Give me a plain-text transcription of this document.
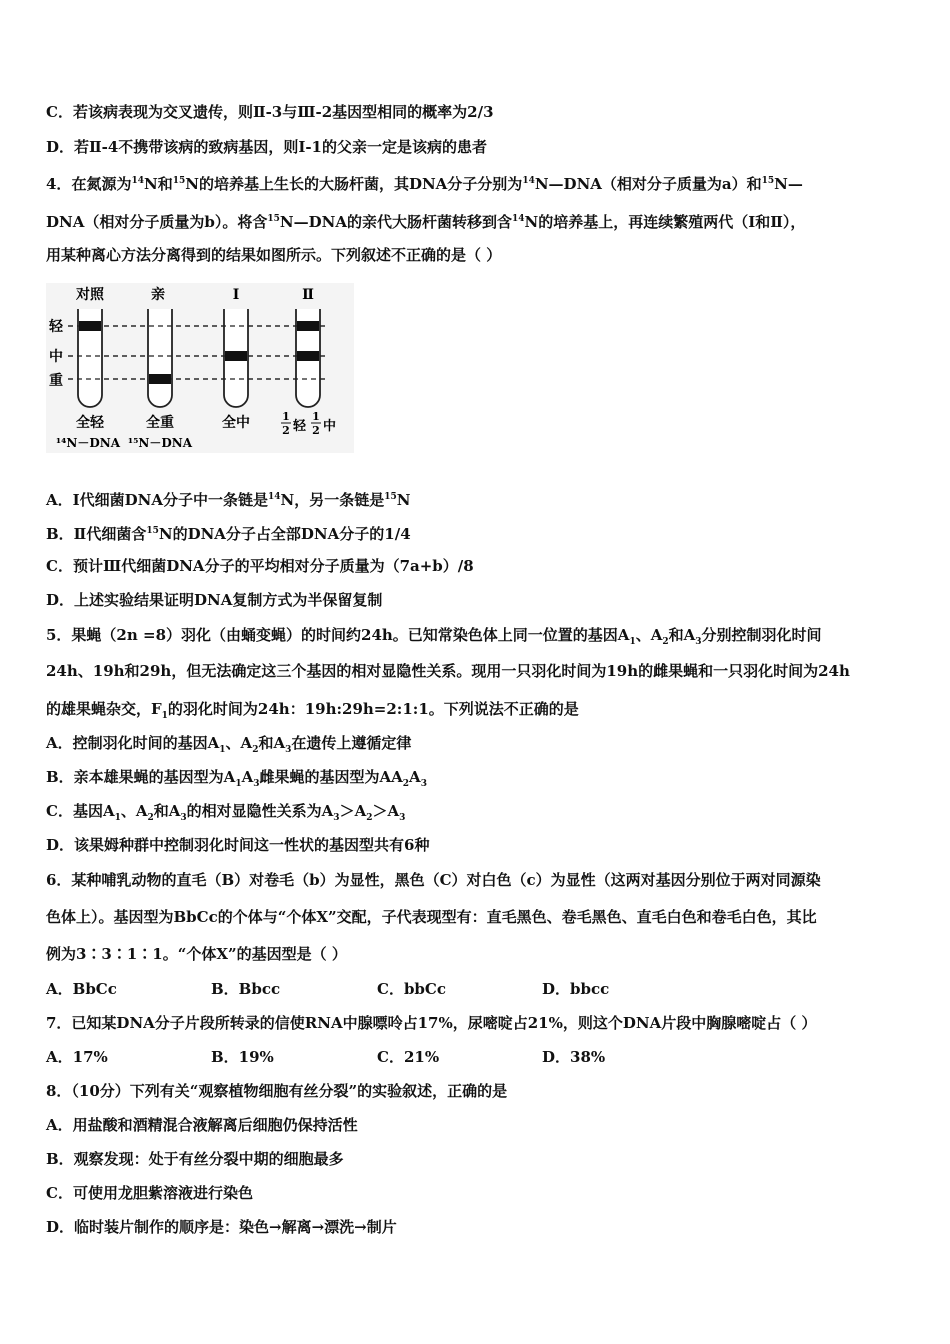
C．若该病表现为交叉遗传，则Ⅱ-3与Ⅲ-2基因型相同的概率为2/3
D．若Ⅱ-4不携带该病的致病基因，则Ⅰ-1的父亲一定是该病的患者
4．在氮源为$^{14}$N和$^{15}$N的培养基上生长的大肠杆菌，其DNA分子分别为$^{14}$N—DNA（相对分子质量为a）和$^{15}$N—
DNA（相对分子质量为b）。将含$^{15}$N—DNA的亲代大肠杆菌转移到含$^{14}$N的培养基上，再连续繁殖两代（Ⅰ和Ⅱ），
用某种离心方法分离得到的结果如图所示。下列叙述不正确的是（ ）
对照	亲	Ⅰ	Ⅱ
轻
中
重
全轻	全重	全中	1
2 轻
1
2 中
¹⁴N－DNA ¹⁵N－DNA
A．Ⅰ代细菌DNA分子中一条链是$^{14}$N，另一条链是$^{15}$N
B．Ⅱ代细菌含$^{15}$N的DNA分子占全部DNA分子的1/4
C．预计Ⅲ代细菌DNA分子的平均相对分子质量为（7a+b）/8
D．上述实验结果证明DNA复制方式为半保留复制
5．果蝇（2n =8）羽化（由蛹变蝇）的时间约24h。已知常染色体上同一位置的基因$A_1$、$A_2$和$A_3$分别控制羽化时间
24h、19h和29h，但无法确定这三个基因的相对显隐性关系。现用一只羽化时间为19h的雌果蝇和一只羽化时间为24h
的雄果蝇杂交，$F_1$的羽化时间为24h：19h:29h=2:1:1。下列说法不正确的是
A．控制羽化时间的基因$A_1$、$A_2$和$A_3$在遗传上遵循定律
B．亲本雄果蝇的基因型为$A_1A_3$雌果蝇的基因型为$AA_2A_3$
C．基因$A_1$、$A_2$和$A_3$的相对显隐性关系为$A_3>A_2>A_3$
D．该果姆种群中控制羽化时间这一性状的基因型共有6种
6．某种哺乳动物的直毛（B）对卷毛（b）为显性，黑色（C）对白色（c）为显性（这两对基因分别位于两对同源染
色体上）。基因型为BbCc的个体与“个体X”交配，子代表现型有：直毛黑色、卷毛黑色、直毛白色和卷毛白色，其比
例为3∶3∶1∶1。“个体X”的基因型是（ ）
A．BbCc	B．Bbcc	C．bbCc	D．bbcc
7．已知某DNA分子片段所转录的信使RNA中腺嘌呤占17%，尿嘧啶占21%，则这个DNA片段中胸腺嘧啶占（ ）
A．17%	B．19%	C．21%	D．38%
8．（10分）下列有关“观察植物细胞有丝分裂”的实验叙述，正确的是
A．用盐酸和酒精混合液解离后细胞仍保持活性
B．观察发现：处于有丝分裂中期的细胞最多
C．可使用龙胆紫溶液进行染色
D．临时装片制作的顺序是：染色→解离→漂洗→制片
